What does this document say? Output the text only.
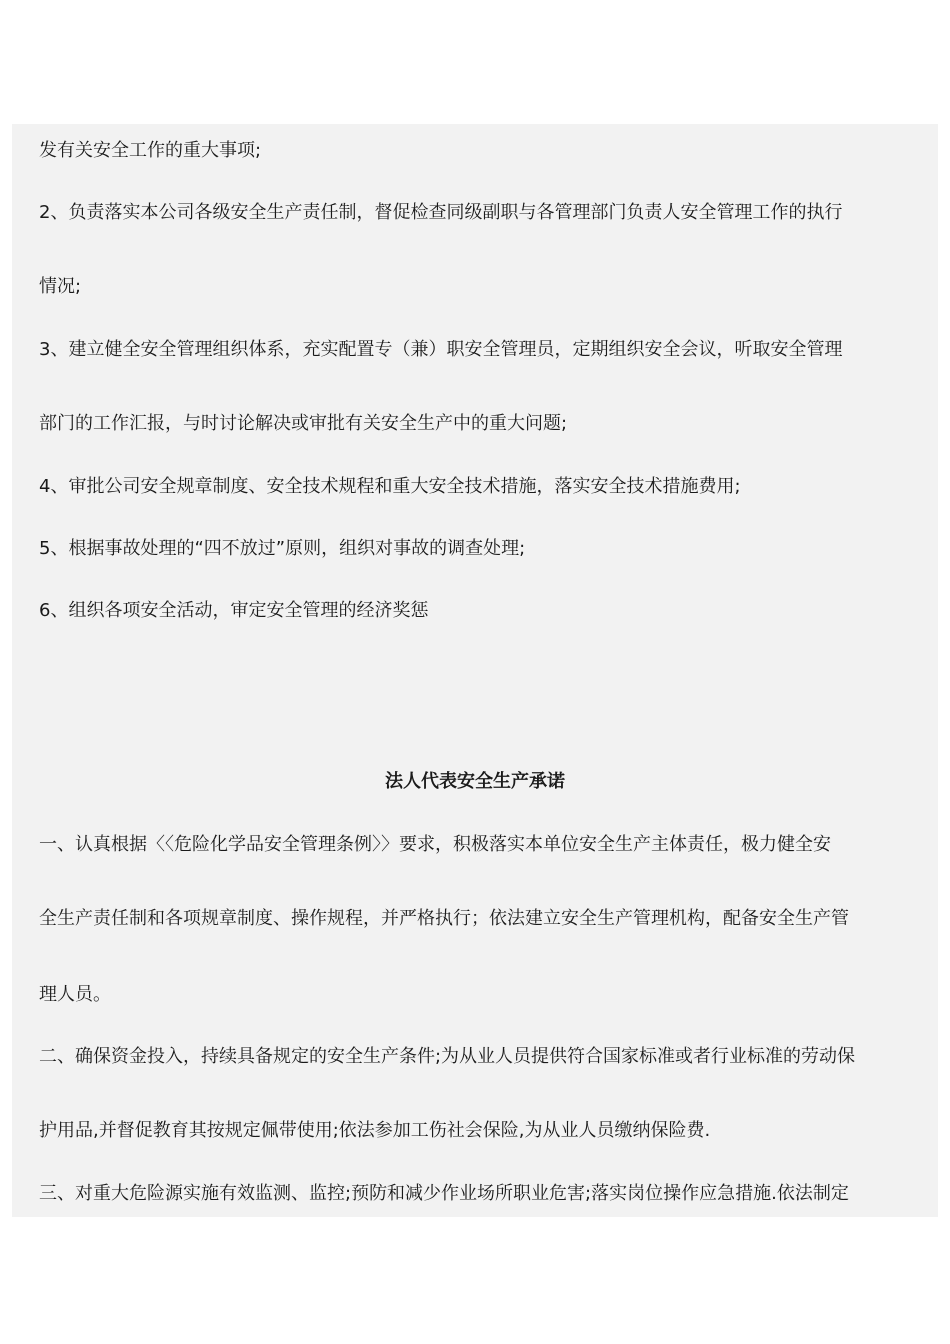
发有关安全工作的重大事项;

2、负责落实本公司各级安全生产责任制，督促检查同级副职与各管理部门负责人安全管理工作的执行

情况;

3、建立健全安全管理组织体系，充实配置专（兼）职安全管理员，定期组织安全会议，听取安全管理

部门的工作汇报，与时讨论解决或审批有关安全生产中的重大问题;

4、审批公司安全规章制度、安全技术规程和重大安全技术措施，落实安全技术措施费用;

5、根据事故处理的“四不放过”原则，组织对事故的调查处理;

6、组织各项安全活动，审定安全管理的经济奖惩

法人代表安全生产承诺

一、认真根据〈〈危险化学品安全管理条例〉〉要求，积极落实本单位安全生产主体责任，极力健全安

全生产责任制和各项规章制度、操作规程，并严格执行；依法建立安全生产管理机构，配备安全生产管

理人员。

二、确保资金投入，持续具备规定的安全生产条件;为从业人员提供符合国家标准或者行业标准的劳动保

护用品,并督促教育其按规定佩带使用;依法参加工伤社会保险,为从业人员缴纳保险费.

三、对重大危险源实施有效监测、监控;预防和减少作业场所职业危害;落实岗位操作应急措施.依法制定
